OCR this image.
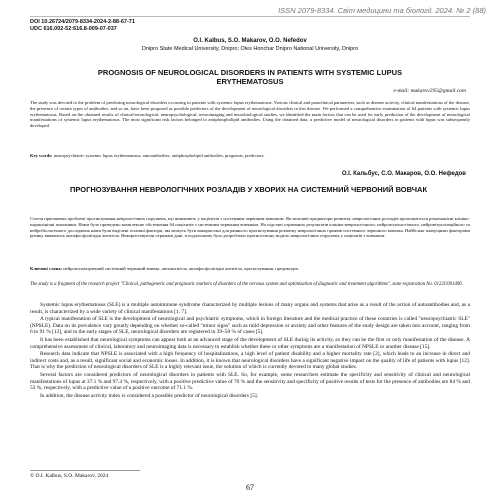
ISSN 2079-8334. Світ медицини та біології. 2024. № 2 (88)
DOI 10.26724/2079-8334-2024-2-88-67-71
UDC 616.002-52:616.8-009-07-037
O.I. Kalbus, S.O. Makarov, O.O. Nefedov
Dnipro State Medical University, Dnipro; Oles Honchar Dnipro National University, Dnipro
PROGNOSIS OF NEUROLOGICAL DISORDERS IN PATIENTS WITH SYSTEMIC LUPUS ERYTHEMATOSUS
e-mail: makarov295@gmail.com
The study was devoted to the problem of predicting neurological disorders occurring in patients with systemic lupus erythematosus. Various clinical and paraclinical parameters, such as disease activity, clinical manifestations of the disease, the presence of certain types of antibodies, and so on, have been proposed as possible predictors of the development of neurological disorders in this disease. We performed a comprehensive examination of 64 patients with systemic lupus erythematosus. Based on the obtained results of clinical-neurological, neuropsychological, neuroimaging and neurobiological studies, we identified the main factors that can be used for early prediction of the development of neurological manifestations of systemic lupus erythematosus. The most significant risk factors belonged to antiphospholipid antibodies. Using the obtained data, a predictive model of neurological disorders in patients with lupus was subsequently developed.
Key words: neuropsychiatric systemic lupus erythematosus, autoantibodies, antiphospholipid antibodies, prognosis, predictors.
О.І. Кальбус, С.О. Макаров, О.О. Нефедов
ПРОГНОЗУВАННЯ НЕВРОЛОГІЧНИХ РОЗЛАДІВ У ХВОРИХ НА СИСТЕМНИЙ ЧЕРВОНИЙ ВОВЧАК
Стаття присвячена проблемі прогнозування неврологічних порушень, що виникають у пацієнтів з системним червоним вовчаком. Як можливі предиктори розвитку неврологічних розладів пропонуються різноманітні клініко-параклінічні показники. Нами було проведено комплексне обстеження 64 пацієнтів з системним червоним вовчаком. На підставі отриманих результатів клініко-неврологічного, нейропсихологічного, нейровізуалізаційного та нейробіологічного досліджень нами були виділені основні фактори, які можуть бути використані для раннього прогнозування розвитку неврологічних проявів системного червоного вовчака. Найбільш значущими факторами ризику виявились антифосфоліпідні антитіла. Використовуючи отримані дані, в подальшому було розроблено прогностичну модель неврологічних порушень у пацієнтів з вовчаком.
Ключові слова: нейропсихіатричний системний червоний вовчак, автоантитіла, антифосфоліпідні антитіла, прогнозування, предиктори.
The study is a fragment of the research project "Clinical, pathogenetic and prognostic markers of disorders of the nervous system and optimization of diagnostic and treatment algorithms", state registration No. 0122U001490.

Systemic lupus erythematosus (SLE) is a multiple autoimmune syndrome characterized by multiple lesions of many organs and systems that arise as a result of the action of autoantibodies and, as a result, is characterized by a wide variety of clinical manifestations [1, 7].

A typical manifestation of SLE is the development of neurological and psychiatric symptoms, which in foreign literature and the medical practice of these countries is called "neuropsychiatric SLE" (NPSLE). Data on its prevalence vary greatly depending on whether so-called "minor signs" such as mild depression or anxiety and other features of the study design are taken into account, ranging from 6 to 91 % [13], and in the early stages of SLE, neurological disorders are registered in 39–50 % of cases [5].

It has been established that neurological symptoms can appear both at an advanced stage of the development of SLE during its activity, so they can be the first or only manifestation of the disease. A comprehensive assessment of clinical, laboratory and neuroimaging data is necessary to establish whether these or other symptoms are a manifestation of NPSLE or another disease [15].

Research data indicate that NPSLE is associated with a high frequency of hospitalizations, a high level of patient disability and a higher mortality rate [2], which leads to an increase in direct and indirect costs and, as a result, significant social and economic losses. In addition, it is known that neurological disorders have a significant negative impact on the quality of life of patients with lupus [12]. That is why the prediction of neurological disorders of SLE is a highly relevant issue, the solution of which is currently devoted to many global studies.

Several factors are considered predictors of neurological disorders in patients with SLE. So, for example, some researchers estimate the specificity and sensitivity of clinical and neurological manifestations of lupus at 37.1 % and 97.4 %, respectively, with a positive predictive value of 70 % and the sensitivity and specificity of positive results of tests for the presence of antibodies are 84 % and 53 %, respectively, with a predictive value of a positive outcome of 71.1 %.

In addition, the disease activity index is considered a possible predictor of neurological disorders [5].

© O.I. Kalbus, S.O. Makarov, 2024
67
